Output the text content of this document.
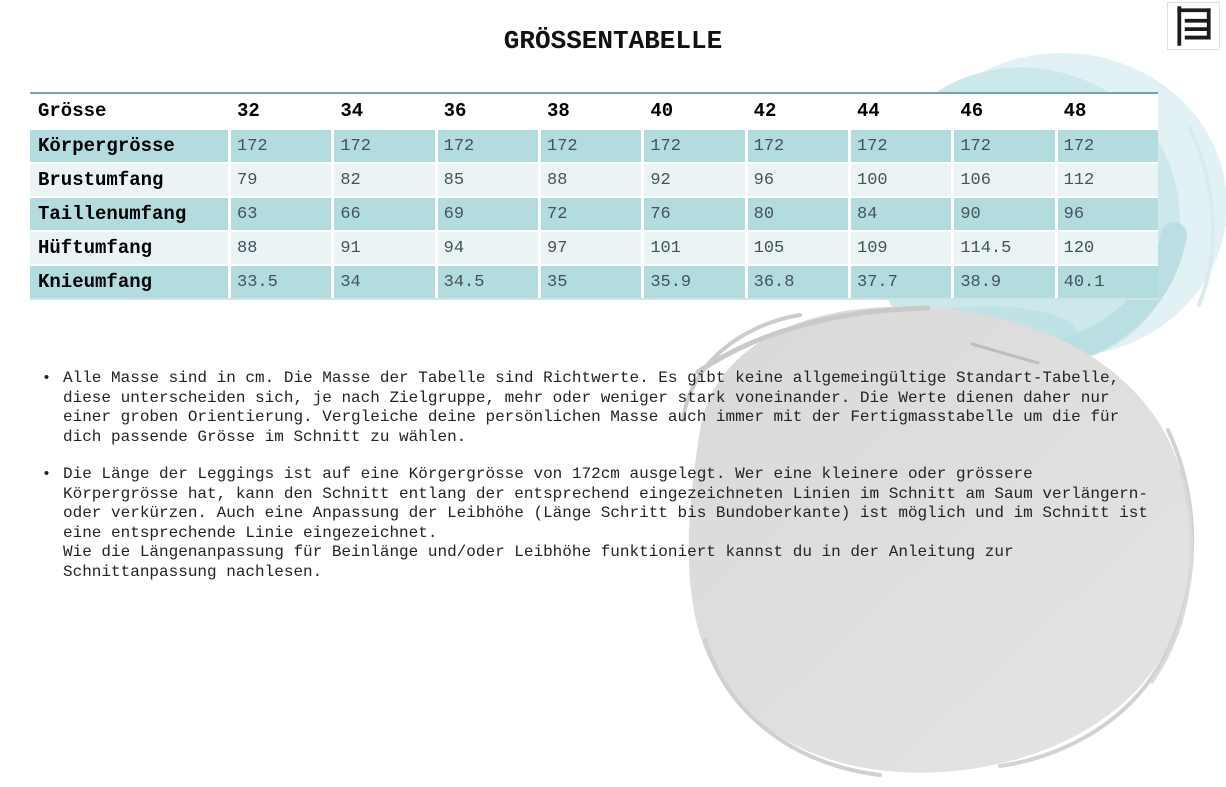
GRÖSSENTABELLE
Grösse	32	34	36	38	40	42	44	46	48
Körpergrösse	172	172	172	172	172	172	172	172	172
Brustumfang	79	82	85	88	92	96	100	106	112
Taillenumfang	63	66	69	72	76	80	84	90	96
Hüftumfang	88	91	94	97	101	105	109	114.5	120
Knieumfang	33.5	34	34.5	35	35.9	36.8	37.7	38.9	40.1
• Alle Masse sind in cm. Die Masse der Tabelle sind Richtwerte. Es gibt keine allgemeingültige Standart-Tabelle,
diese unterscheiden sich, je nach Zielgruppe, mehr oder weniger stark voneinander. Die Werte dienen daher nur
einer groben Orientierung. Vergleiche deine persönlichen Masse auch immer mit der Fertigmasstabelle um die für
dich passende Grösse im Schnitt zu wählen.
• Die Länge der Leggings ist auf eine Körgergrösse von 172cm ausgelegt. Wer eine kleinere oder grössere
Körpergrösse hat, kann den Schnitt entlang der entsprechend eingezeichneten Linien im Schnitt am Saum verlängern-
oder verkürzen. Auch eine Anpassung der Leibhöhe (Länge Schritt bis Bundoberkante) ist möglich und im Schnitt ist
eine entsprechende Linie eingezeichnet.
Wie die Längenanpassung für Beinlänge und/oder Leibhöhe funktioniert kannst du in der Anleitung zur
Schnittanpassung nachlesen.
